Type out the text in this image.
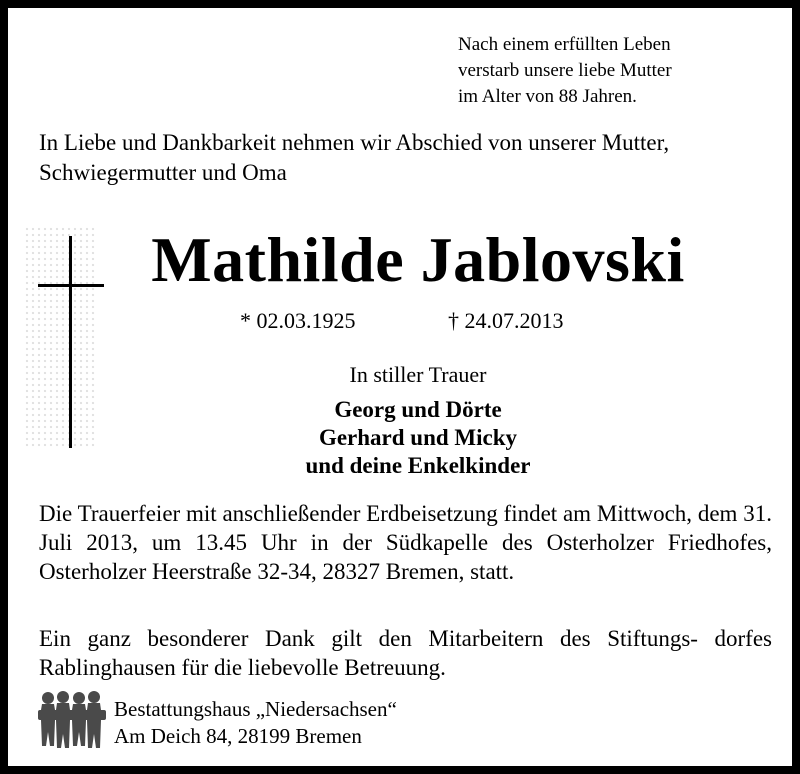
Nach einem erfüllten Leben
verstarb unsere liebe Mutter
im Alter von 88 Jahren.
In Liebe und Dankbarkeit nehmen wir Abschied von unserer Mutter,
Schwiegermutter und Oma
Mathilde Jablovski
* 02.03.1925	† 24.07.2013
In stiller Trauer
Georg und Dörte
Gerhard und Micky
und deine Enkelkinder
Die Trauerfeier mit anschließender Erdbeisetzung findet am Mittwoch, dem 31. Juli 2013, um 13.45 Uhr in der Südkapelle des Osterholzer Friedhofes, Osterholzer Heerstraße 32-34, 28327 Bremen, statt.
Ein ganz besonderer Dank gilt den Mitarbeitern des Stiftungs- dorfes Rablinghausen für die liebevolle Betreuung.
Bestattungshaus „Niedersachsen“
Am Deich 84, 28199 Bremen
